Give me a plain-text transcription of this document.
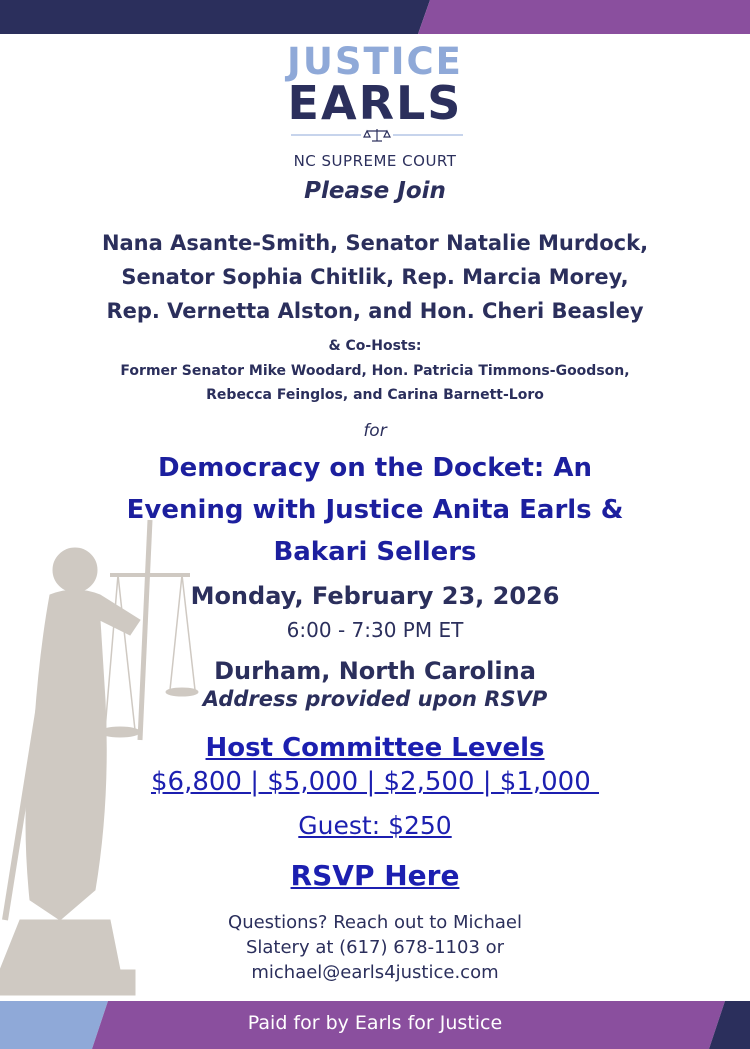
JUSTICE
EARLS
NC SUPREME COURT
Please Join
Nana Asante-Smith, Senator Natalie Murdock,
Senator Sophia Chitlik, Rep. Marcia Morey,
Rep. Vernetta Alston, and Hon. Cheri Beasley
& Co-Hosts:
Former Senator Mike Woodard, Hon. Patricia Timmons-Goodson,
Rebecca Feinglos, and Carina Barnett-Loro
for
Democracy on the Docket: An
Evening with Justice Anita Earls &
Bakari Sellers
Monday, February 23, 2026
6:00 - 7:30 PM ET
Durham, North Carolina
Address provided upon RSVP
Host Committee Levels
$6,800 | $5,000 | $2,500 | $1,000
Guest: $250
RSVP Here
Questions? Reach out to Michael
Slatery at (617) 678-1103 or
michael@earls4justice.com
Paid for by Earls for Justice
